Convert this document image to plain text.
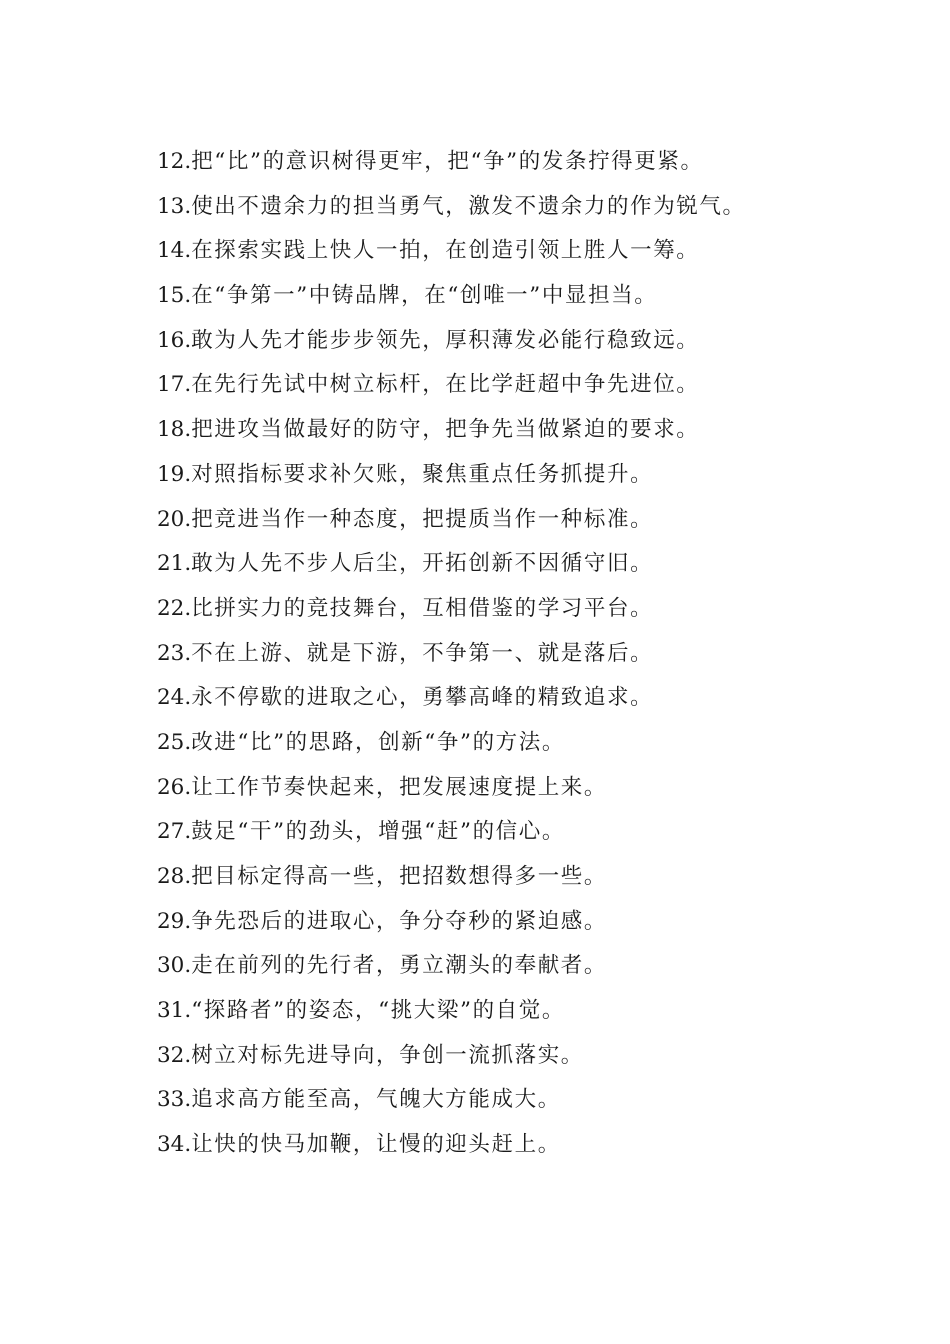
12.把“比”的意识树得更牢，把“争”的发条拧得更紧。
13.使出不遗余力的担当勇气，激发不遗余力的作为锐气。
14.在探索实践上快人一拍，在创造引领上胜人一筹。
15.在“争第一”中铸品牌，在“创唯一”中显担当。
16.敢为人先才能步步领先，厚积薄发必能行稳致远。
17.在先行先试中树立标杆，在比学赶超中争先进位。
18.把进攻当做最好的防守，把争先当做紧迫的要求。
19.对照指标要求补欠账，聚焦重点任务抓提升。
20.把竞进当作一种态度，把提质当作一种标准。
21.敢为人先不步人后尘，开拓创新不因循守旧。
22.比拼实力的竞技舞台，互相借鉴的学习平台。
23.不在上游、就是下游，不争第一、就是落后。
24.永不停歇的进取之心，勇攀高峰的精致追求。
25.改进“比”的思路，创新“争”的方法。
26.让工作节奏快起来，把发展速度提上来。
27.鼓足“干”的劲头，增强“赶”的信心。
28.把目标定得高一些，把招数想得多一些。
29.争先恐后的进取心，争分夺秒的紧迫感。
30.走在前列的先行者，勇立潮头的奉献者。
31.“探路者”的姿态，“挑大梁”的自觉。
32.树立对标先进导向，争创一流抓落实。
33.追求高方能至高，气魄大方能成大。
34.让快的快马加鞭，让慢的迎头赶上。
